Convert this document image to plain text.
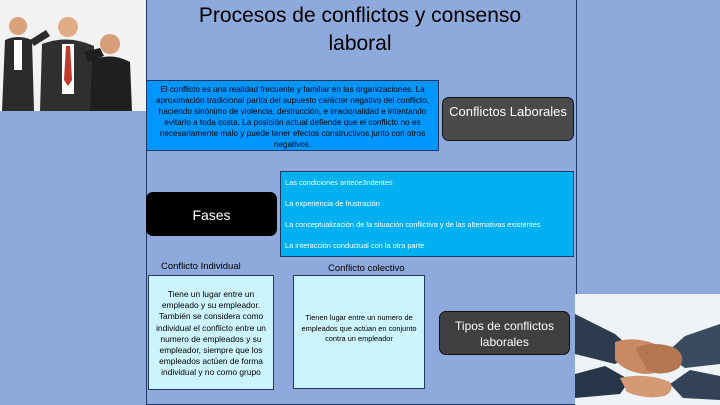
Procesos de conflictos y consenso laboral
El conflicto es una realidad frecuente y familiar en las organizaciones. La aproximación tradicional partía del supuesto carácter negativo del conflicto, haciendo sinónimo de violencia, destrucción, e irracionalidad e intentando evitarlo a toda costa. La posición actual defiende que el conflicto no es necesariamente malo y puede tener efectos constructivos junto con otros negativos.
Conflictos Laborales
Fases
Las condiciones antece3ndentes
La experiencia de frustración
La conceptualización de la situación conflictiva y de las alternativas existentes
La interacción conductual con la otra parte
Conflicto Individual	Conflicto colectivo
Tiene un lugar entre un empleado y su empleador. También se considera como individual el conflicto entre un numero de empleados y su empleador, siempre que los empleados actúen de forma individual y no como grupo
Tienen lugar entre un numero de empleados que actúan en conjunto contra un empleador
Tipos de conflictos laborales
